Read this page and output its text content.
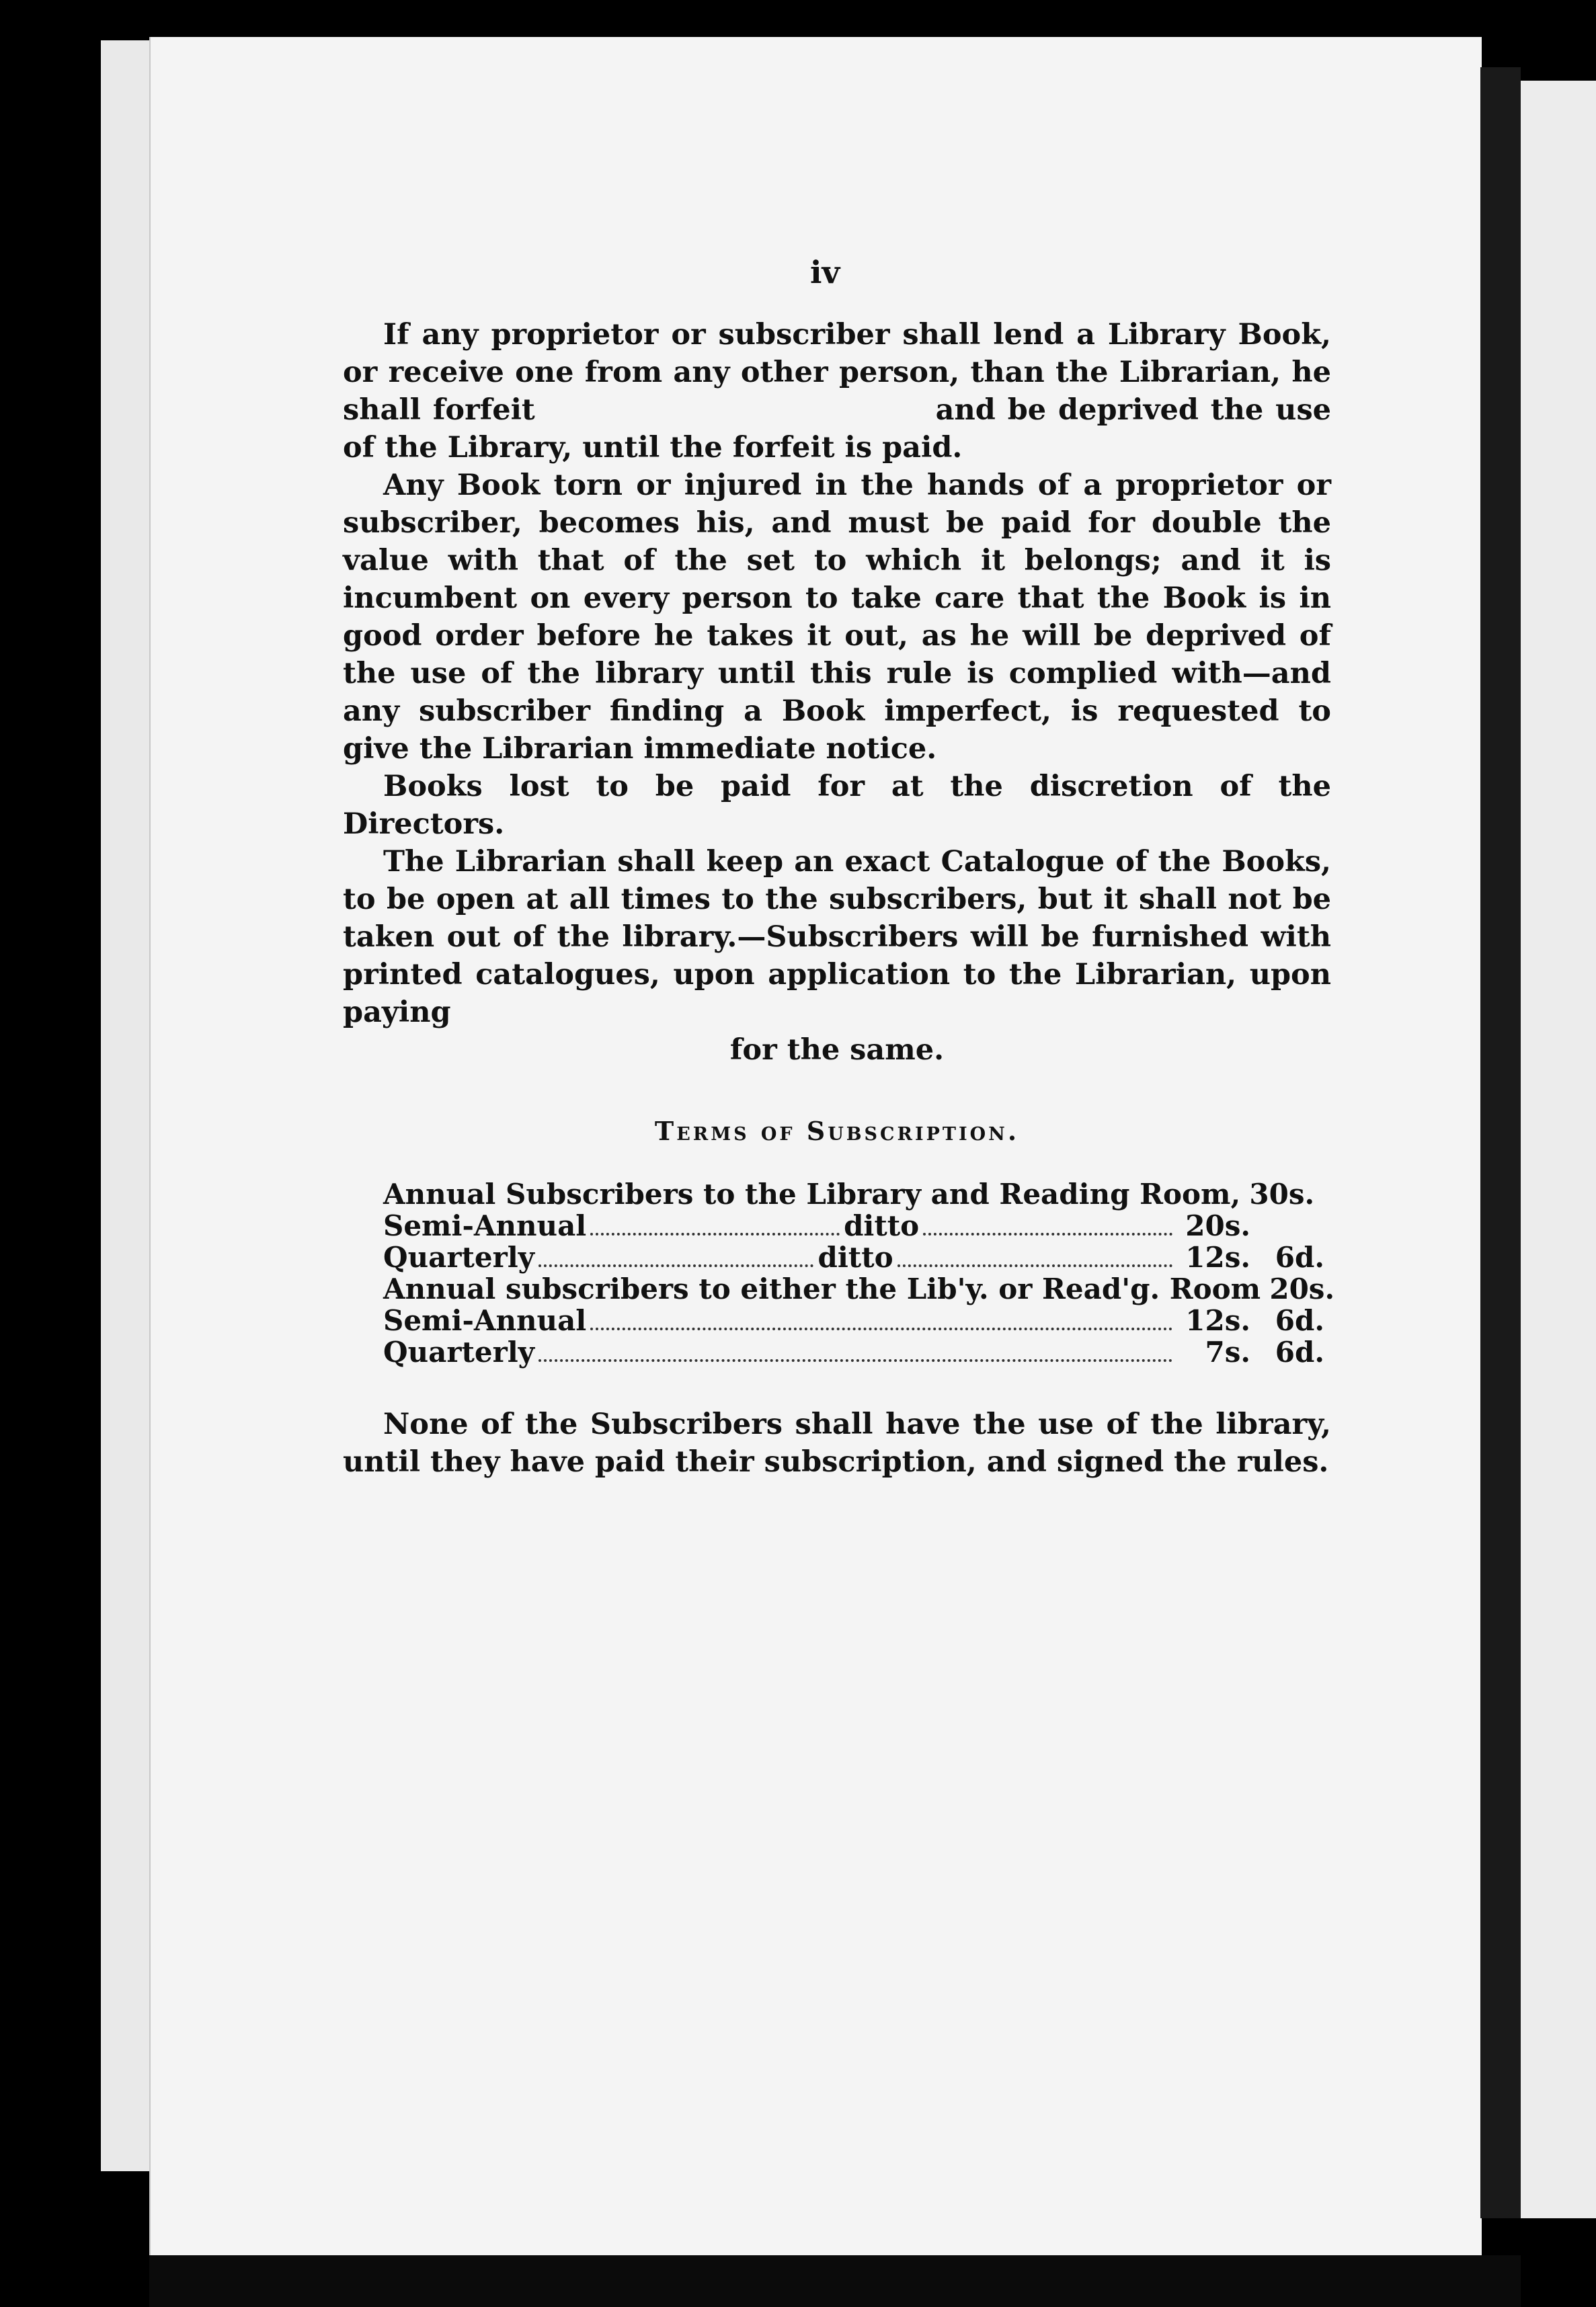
iv

If any proprietor or subscriber shall lend a Library Book, or receive one from any other person, than the Librarian, he shall forfeit	and be deprived the use of the Library, until the forfeit is paid.

Any Book torn or injured in the hands of a proprietor or subscriber, becomes his, and must be paid for double the value with that of the set to which it belongs; and it is incumbent on every person to take care that the Book is in good order before he takes it out, as he will be deprived of the use of the library until this rule is complied with—and any subscriber finding a Book imperfect, is requested to give the Librarian immediate notice.

Books lost to be paid for at the discretion of the Directors.

The Librarian shall keep an exact Catalogue of the Books, to be open at all times to the subscribers, but it shall not be taken out of the library.—Subscribers will be furnished with printed catalogues, upon application to the Librarian, upon paying

for the same.

Terms of Subscription.
Annual Subscribers to the Library and Reading Room, 30s.
Semi-Annual	ditto	20s.
Quarterly	ditto	12s. 6d.
Annual subscribers to either the Lib'y. or Read'g. Room 20s.
Semi-Annual	12s. 6d.
Quarterly	7s. 6d.

None of the Subscribers shall have the use of the library, until they have paid their subscription, and signed the rules.
